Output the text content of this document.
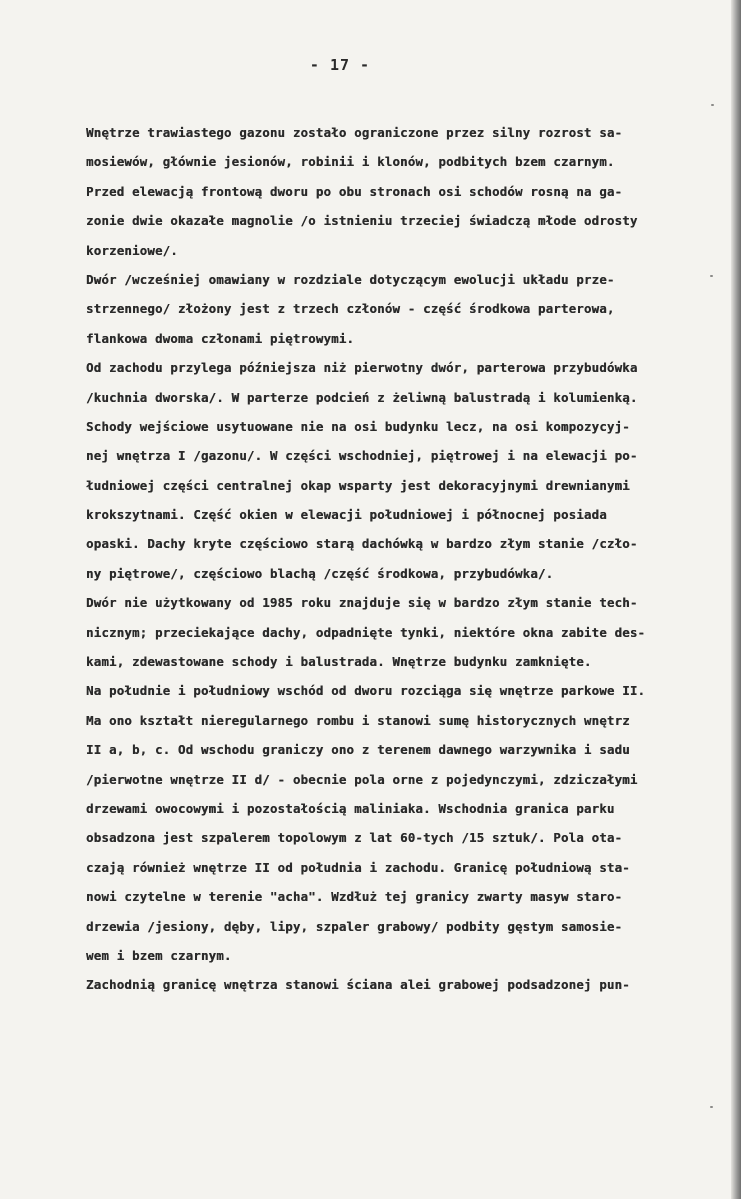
- 17 -
Wnętrze trawiastego gazonu zostało ograniczone przez silny rozrost sa-
mosiewów, głównie jesionów, robinii i klonów, podbitych bzem czarnym.
Przed elewacją frontową dworu po obu stronach osi schodów rosną na ga-
zonie dwie okazałe magnolie /o istnieniu trzeciej świadczą młode odrosty
korzeniowe/.
Dwór /wcześniej omawiany w rozdziale dotyczącym ewolucji układu prze-
strzennego/ złożony jest z trzech członów - część środkowa parterowa,
flankowa dwoma członami piętrowymi.
Od zachodu przylega późniejsza niż pierwotny dwór, parterowa przybudówka
/kuchnia dworska/. W parterze podcień z żeliwną balustradą i kolumienką.
Schody wejściowe usytuowane nie na osi budynku lecz, na osi kompozycyj-
nej wnętrza I /gazonu/. W części wschodniej, piętrowej i na elewacji po-
łudniowej części centralnej okap wsparty jest dekoracyjnymi drewnianymi
krokszytnami. Część okien w elewacji południowej i północnej posiada
opaski. Dachy kryte częściowo starą dachówką w bardzo złym stanie /czło-
ny piętrowe/, częściowo blachą /część środkowa, przybudówka/.
Dwór nie użytkowany od 1985 roku znajduje się w bardzo złym stanie tech-
nicznym; przeciekające dachy, odpadnięte tynki, niektóre okna zabite des-
kami, zdewastowane schody i balustrada. Wnętrze budynku zamknięte.
Na południe i południowy wschód od dworu rozciąga się wnętrze parkowe II.
Ma ono kształt nieregularnego rombu i stanowi sumę historycznych wnętrz
II a, b, c. Od wschodu graniczy ono z terenem dawnego warzywnika i sadu
/pierwotne wnętrze II d/ - obecnie pola orne z pojedynczymi, zdziczałymi
drzewami owocowymi i pozostałością maliniaka. Wschodnia granica parku
obsadzona jest szpalerem topolowym z lat 60-tych /15 sztuk/. Pola ota-
czają również wnętrze II od południa i zachodu. Granicę południową sta-
nowi czytelne w terenie "acha". Wzdłuż tej granicy zwarty masyw staro-
drzewia /jesiony, dęby, lipy, szpaler grabowy/ podbity gęstym samosie-
wem i bzem czarnym.
Zachodnią granicę wnętrza stanowi ściana alei grabowej podsadzonej pun-
